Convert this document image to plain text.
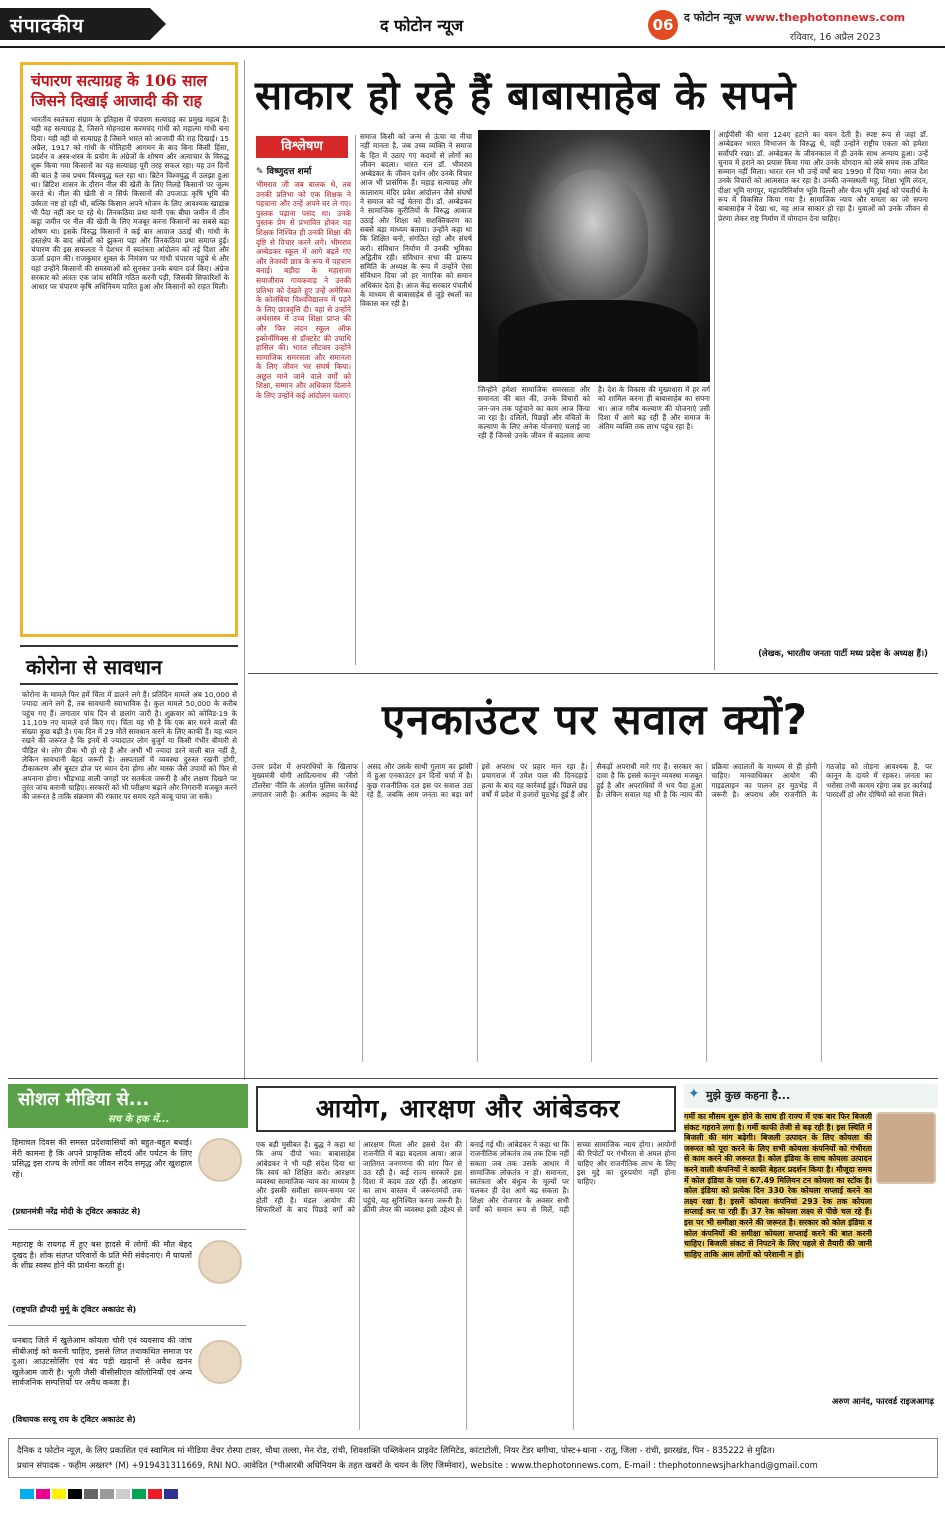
संपादकीय	द फोटोन न्यूज	06 द फोटोन न्यूज www.thephotonnews.com
रविवार, 16 अप्रैल 2023
चंपारण सत्याग्रह के 106 साल जिसने दिखाई आजादी की राह
भारतीय स्वतंत्रता संग्राम के इतिहास में चंपारण सत्याग्रह का प्रमुख महत्व है। यही वह सत्याग्रह है, जिसने मोहनदास करमचंद गांधी को महात्मा गांधी बना दिया। यही वही वो सत्याग्रह है जिसने भारत को आजादी की राह दिखाई। 15 अप्रैल, 1917 को गांधी के मोतिहारी आगमन के बाद बिना किसी हिंसा, प्रदर्शन व अस्त्र-शस्त्र के प्रयोग के अंग्रेजों के शोषण और अत्याचार के विरुद्ध शुरू किया गया किसानों का यह सत्याग्रह पूरी तरह सफल रहा। यह उन दिनों की बात है जब प्रथम विश्वयुद्ध चल रहा था। ब्रिटेन विश्वयुद्ध में उलझा हुआ था। ब्रिटिश शासन के दौरान नील की खेती के लिए निलहे किसानों पर जुल्म करते थे। नील की खेती से न सिर्फ किसानों की उपजाऊ कृषि भूमि की उर्वरता नष्ट हो रही थी, बल्कि किसान अपने भोजन के लिए आवश्यक खाद्यान्न भी पैदा नहीं कर पा रहे थे। तिनकठिया प्रथा यानी एक बीघा जमीन में तीन कट्ठा जमीन पर नील की खेती के लिए मजबूर करना किसानों का सबसे बड़ा शोषण था। इसके विरुद्ध किसानों ने कई बार आवाज उठाई थी। गांधी के हस्तक्षेप के बाद अंग्रेजों को झुकना पड़ा और तिनकठिया प्रथा समाप्त हुई। चंपारण की इस सफलता ने देशभर में स्वतंत्रता आंदोलन को नई दिशा और ऊर्जा प्रदान की। राजकुमार शुक्ल के निमंत्रण पर गांधी चंपारण पहुंचे थे और यहां उन्होंने किसानों की समस्याओं को सुनकर उनके बयान दर्ज किए। अंग्रेज सरकार को अंततः एक जांच समिति गठित करनी पड़ी, जिसकी सिफारिशों के आधार पर चंपारण कृषि अधिनियम पारित हुआ और किसानों को राहत मिली।
कोरोना से सावधान
कोरोना के मामले फिर हमें चिंता में डालने लगे हैं। प्रतिदिन मामले अब 10,000 से ज्यादा आने लगे हैं, तब सावधानी स्वाभाविक है। कुल मामले 50,000 के करीब पहुंच गए हैं। लगातार पांच दिन से छलांग जारी है। शुक्रवार को कोविड-19 के 11,109 नए मामले दर्ज किए गए। चिंता यह भी है कि एक बार मरने वालों की संख्या कुछ बढ़ी है। एक दिन में 29 मौतें सावधान करने के लिए काफी हैं। यह ध्यान रखने की जरूरत है कि इनमें से ज्यादातर लोग बुजुर्ग या किसी गंभीर बीमारी से पीड़ित थे। लोग ठीक भी हो रहे हैं और अभी भी ज्यादा डरने वाली बात नहीं है, लेकिन सावधानी बेहद जरूरी है। अस्पतालों में व्यवस्था दुरुस्त रखनी होगी, टीकाकरण और बूस्टर डोज पर ध्यान देना होगा और मास्क जैसे उपायों को फिर से अपनाना होगा। भीड़भाड़ वाली जगहों पर सतर्कता जरूरी है और लक्षण दिखने पर तुरंत जांच करानी चाहिए। सरकारों को भी परीक्षण बढ़ाने और निगरानी मजबूत करने की जरूरत है ताकि संक्रमण की रफ्तार पर समय रहते काबू पाया जा सके।
साकार हो रहे हैं बाबासाहेब के सपने
विश्लेषण
✎ विष्णुदत्त शर्मा
भीमराव जी जब बालक थे, तब उनकी प्रतिभा को एक शिक्षक ने पहचाना और उन्हें अपने घर ले गए। पुस्तक पढ़ाना पसंद था। उनके पुस्तक प्रेम से प्रभावित होकर वह शिक्षक निश्चित ही उनकी शिक्षा की दृष्टि से विचार करने लगे। भीमराव अम्बेडकर स्कूल में आगे बढ़ते गए और तेजस्वी छात्र के रूप में पहचान बनाई। बड़ौदा के महाराजा सयाजीराव गायकवाड़ ने उनकी प्रतिभा को देखते हुए उन्हें अमेरिका के कोलंबिया विश्वविद्यालय में पढ़ने के लिए छात्रवृत्ति दी। वहां से उन्होंने अर्थशास्त्र में उच्च शिक्षा प्राप्त की और फिर लंदन स्कूल ऑफ इकोनॉमिक्स से डॉक्टरेट की उपाधि हासिल की। भारत लौटकर उन्होंने सामाजिक समरसता और समानता के लिए जीवन भर संघर्ष किया। अछूत माने जाने वाले वर्गों को शिक्षा, सम्मान और अधिकार दिलाने के लिए उन्होंने कई आंदोलन चलाए।
समाज किसी को जन्म से ऊंचा या नीचा नहीं मानता है, जब उच्च व्यक्ति ने समाज के हित में उठाए गए कदमों से लोगों का जीवन बदला। भारत रत्न डॉ. भीमराव अम्बेडकर के जीवन दर्शन और उनके विचार आज भी प्रासंगिक हैं। महाड़ सत्याग्रह और कालाराम मंदिर प्रवेश आंदोलन जैसे संघर्षों ने समाज को नई चेतना दी। डॉ. अम्बेडकर ने सामाजिक कुरीतियों के विरुद्ध आवाज उठाई और शिक्षा को सशक्तिकरण का सबसे बड़ा माध्यम बताया। उन्होंने कहा था कि शिक्षित बनो, संगठित रहो और संघर्ष करो। संविधान निर्माण में उनकी भूमिका अद्वितीय रही। संविधान सभा की प्रारूप समिति के अध्यक्ष के रूप में उन्होंने ऐसा संविधान दिया जो हर नागरिक को समान अधिकार देता है। आज केंद्र सरकार पंचतीर्थ के माध्यम से बाबासाहेब से जुड़े स्थलों का विकास कर रही है।
जिन्होंने हमेशा सामाजिक समरसता और समानता की बात की, उनके विचारों को जन-जन तक पहुंचाने का काम आज किया जा रहा है। दलितों, पिछड़ों और वंचितों के कल्याण के लिए अनेक योजनाएं चलाई जा रही हैं जिनसे उनके जीवन में बदलाव आया है। देश के विकास की मुख्यधारा में हर वर्ग को शामिल करना ही बाबासाहेब का सपना था। आज गरीब कल्याण की योजनाएं उसी दिशा में आगे बढ़ रही हैं और समाज के अंतिम व्यक्ति तक लाभ पहुंच रहा है।
आईपीसी की धारा 124ए हटाने का वचन देती है। स्पष्ट रूप से जहां डॉ. अम्बेडकर भारत विभाजन के विरुद्ध थे, वहीं उन्होंने राष्ट्रीय एकता को हमेशा सर्वोपरि रखा। डॉ. अम्बेडकर के जीवनकाल में ही उनके साथ अन्याय हुआ। उन्हें चुनाव में हराने का प्रयास किया गया और उनके योगदान को लंबे समय तक उचित सम्मान नहीं मिला। भारत रत्न भी उन्हें वर्षों बाद 1990 में दिया गया। आज देश उनके विचारों को आत्मसात कर रहा है। उनकी जन्मस्थली महू, शिक्षा भूमि लंदन, दीक्षा भूमि नागपुर, महापरिनिर्वाण भूमि दिल्ली और चैत्य भूमि मुंबई को पंचतीर्थ के रूप में विकसित किया गया है। सामाजिक न्याय और समता का जो सपना बाबासाहेब ने देखा था, वह आज साकार हो रहा है। युवाओं को उनके जीवन से प्रेरणा लेकर राष्ट्र निर्माण में योगदान देना चाहिए।
(लेखक, भारतीय जनता पार्टी मध्य प्रदेश के अध्यक्ष हैं।)
एनकाउंटर पर सवाल क्यों?
उत्तर प्रदेश में अपराधियों के खिलाफ मुख्यमंत्री योगी आदित्यनाथ की 'जीरो टॉलरेंस' नीति के अंतर्गत पुलिस कार्रवाई लगातार जारी है। अतीक अहमद के बेटे असद और उसके साथी गुलाम का झांसी में हुआ एनकाउंटर इन दिनों चर्चा में है। कुछ राजनीतिक दल इस पर सवाल उठा रहे हैं, जबकि आम जनता का बड़ा वर्ग इसे अपराध पर प्रहार मान रहा है। प्रयागराज में उमेश पाल की दिनदहाड़े हत्या के बाद यह कार्रवाई हुई। पिछले छह वर्षों में प्रदेश में हजारों मुठभेड़ हुई हैं और सैकड़ों अपराधी मारे गए हैं। सरकार का दावा है कि इससे कानून व्यवस्था मजबूत हुई है और अपराधियों में भय पैदा हुआ है। लेकिन सवाल यह भी है कि न्याय की प्रक्रिया अदालतों के माध्यम से ही होनी चाहिए। मानवाधिकार आयोग की गाइडलाइन का पालन हर मुठभेड़ में जरूरी है। अपराध और राजनीति के गठजोड़ को तोड़ना आवश्यक है, पर कानून के दायरे में रहकर। जनता का भरोसा तभी कायम रहेगा जब हर कार्रवाई पारदर्शी हो और दोषियों को सजा मिले।
सोशल मीडिया से...
सच के हक में...
हिमाचल दिवस की समस्त प्रदेशवासियों को बहुत-बहुत बधाई। मेरी कामना है कि अपने प्राकृतिक सौंदर्य और पर्यटन के लिए प्रसिद्ध इस राज्य के लोगों का जीवन सदैव समृद्ध और खुशहाल रहे।
(प्रधानमंत्री नरेंद्र मोदी के ट्विटर अकाउंट से)
महाराष्ट्र के रायगढ़ में हुए बस हादसे में लोगों की मौत बेहद दुखद है। शोक संतप्त परिवारों के प्रति मेरी संवेदनाएं। मैं घायलों के शीघ्र स्वस्थ होने की प्रार्थना करती हूं।
(राष्ट्रपति द्रौपदी मुर्मू के ट्विटर अकाउंट से)
धनबाद जिले में खुलेआम कोयला चोरी एवं व्यवसाय की जांच सीबीआई को करनी चाहिए, इससे लिप्त तथाकथित समाज पर दुआ। आउटसोर्सिंग एवं बंद पड़ी खदानों से अवैध खनन खुलेआम जारी है। भूली जैसी बीसीसीएल कॉलोनियों एवं अन्य सार्वजनिक सम्पत्तियों पर अवैध कब्जा है।
(विधायक सरयू राय के ट्विटर अकाउंट से)
आयोग, आरक्षण और आंबेडकर
एक बड़ी मुसीबत है। बुद्ध ने कहा था कि अप्प दीपो भव। बाबासाहेब आंबेडकर ने भी यही संदेश दिया था कि स्वयं को शिक्षित करो। आरक्षण व्यवस्था सामाजिक न्याय का माध्यम है और इसकी समीक्षा समय-समय पर होती रही है। मंडल आयोग की सिफारिशों के बाद पिछड़े वर्गों को आरक्षण मिला और इससे देश की राजनीति में बड़ा बदलाव आया। आज जातिगत जनगणना की मांग फिर से उठ रही है। कई राज्य सरकारें इस दिशा में कदम उठा रही हैं। आरक्षण का लाभ वास्तव में जरूरतमंदों तक पहुंचे, यह सुनिश्चित करना जरूरी है। क्रीमी लेयर की व्यवस्था इसी उद्देश्य से बनाई गई थी। आंबेडकर ने कहा था कि राजनीतिक लोकतंत्र तब तक टिक नहीं सकता जब तक उसके आधार में सामाजिक लोकतंत्र न हो। समानता, स्वतंत्रता और बंधुत्व के मूल्यों पर चलकर ही देश आगे बढ़ सकता है। शिक्षा और रोजगार के अवसर सभी वर्गों को समान रूप से मिलें, यही सच्चा सामाजिक न्याय होगा। आयोगों की रिपोर्टों पर गंभीरता से अमल होना चाहिए और राजनीतिक लाभ के लिए इस मुद्दे का दुरुपयोग नहीं होना चाहिए।
✦ मुझे कुछ कहना है...
गर्मी का मौसम शुरू होने के साथ ही राज्य में एक बार फिर बिजली संकट गहराने लगा है। गर्मी काफी तेजी से बढ़ रही है। इस स्थिति में बिजली की मांग बढ़ेगी। बिजली उत्पादन के लिए कोयला की जरूरत को पूरा करने के लिए सभी कोयला कंपनियों को गंभीरता से काम करने की जरूरत है। कोल इंडिया के साथ कोयला उत्पादन करने वाली कंपनियों ने काफी बेहतर प्रदर्शन किया है। मौजूदा समय में कोल इंडिया के पास 67.49 मिलियन टन कोयला का स्टॉक है। कोल इंडिया को प्रत्येक दिन 330 रेक कोयला सप्लाई करने का लक्ष्य रखा है। इसमें कोयला कंपनियां 293 रेक तक कोयला सप्लाई कर पा रही हैं। 37 रेक कोयला लक्ष्य से पीछे चल रहे हैं। इस पर भी समीक्षा करने की जरूरत है। सरकार को कोल इंडिया व कोल कंपनियों की समीक्षा कोयला सप्लाई करने की बात करनी चाहिए। बिजली संकट से निपटने के लिए पहले से तैयारी की जानी चाहिए ताकि आम लोगों को परेशानी न हो।
अरुण आनंद, फारवर्ड राइजआगढ़
दैनिक द फोटोन न्यूज़, के लिए प्रकाशित एवं स्वामित्व मां मीडिया वेंचर रोस्पा टावर, चौथा तल्ला, मेन रोड, रांची, शिवशक्ति पब्लिकेशन प्राइवेट लिमिटेड, कांटाटोली, नियर टेंडर बगीचा, पोस्ट+थाना - रातू, जिला - रांची, झारखंड, पिन - 835222 से मुद्रित।
प्रधान संपादक - फहीम अख्तर* (M) +919431311669, RNI NO. आवेदित (*पीआरबी अधिनियम के तहत खबरों के चयन के लिए जिम्मेवार), website : www.thephotonnews.com, E-mail : thephotonnewsjharkhand@gmail.com
